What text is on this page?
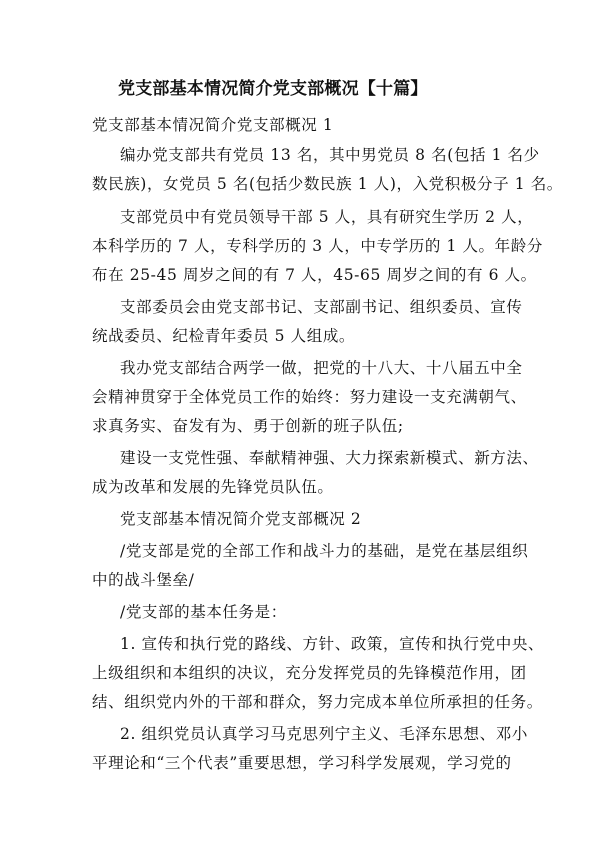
党支部基本情况简介党支部概况【十篇】
党支部基本情况简介党支部概况 1
编办党支部共有党员 13 名，其中男党员 8 名(包括 1 名少
数民族)，女党员 5 名(包括少数民族 1 人)，入党积极分子 1 名。
支部党员中有党员领导干部 5 人，具有研究生学历 2 人，
本科学历的 7 人，专科学历的 3 人，中专学历的 1 人。年龄分
布在 25-45 周岁之间的有 7 人，45-65 周岁之间的有 6 人。
支部委员会由党支部书记、支部副书记、组织委员、宣传
统战委员、纪检青年委员 5 人组成。
我办党支部结合两学一做，把党的十八大、十八届五中全
会精神贯穿于全体党员工作的始终：努力建设一支充满朝气、
求真务实、奋发有为、勇于创新的班子队伍;
建设一支党性强、奉献精神强、大力探索新模式、新方法、
成为改革和发展的先锋党员队伍。
党支部基本情况简介党支部概况 2
/党支部是党的全部工作和战斗力的基础，是党在基层组织
中的战斗堡垒/
/党支部的基本任务是：
1. 宣传和执行党的路线、方针、政策，宣传和执行党中央、
上级组织和本组织的决议，充分发挥党员的先锋模范作用，团
结、组织党内外的干部和群众，努力完成本单位所承担的任务。
2. 组织党员认真学习马克思列宁主义、毛泽东思想、邓小
平理论和“三个代表”重要思想，学习科学发展观，学习党的
